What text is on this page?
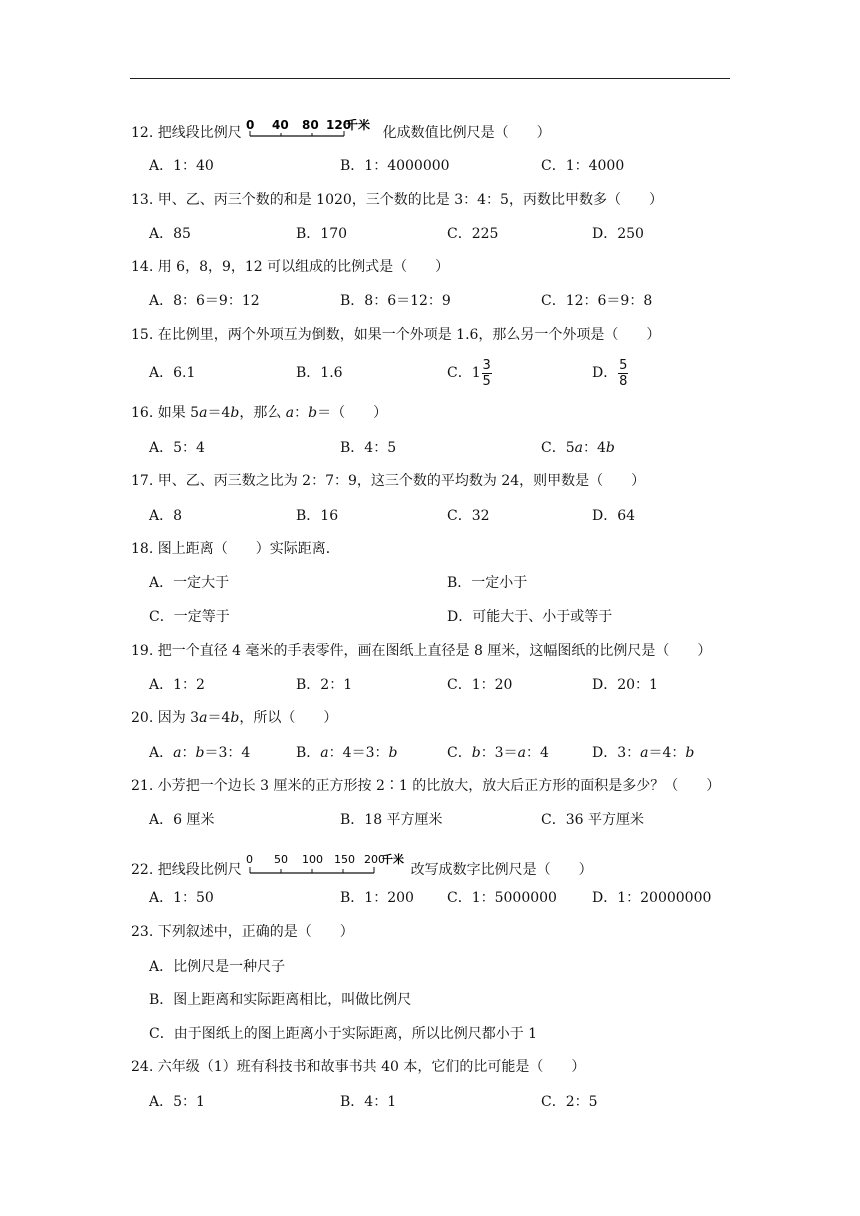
12. 把线段比例尺 0 40 80 120
千米 化成数值比例尺是（　　）
A．1：40	B．1：4000000	C．1：4000
13. 甲、乙、丙三个数的和是 1020，三个数的比是 3：4：5，丙数比甲数多（　　）
A．85	B．170	C．225	D．250
14. 用 6，8，9，12 可以组成的比例式是（　　）
A．8：6＝9：12	B．8：6＝12：9	C．12：6＝9：8
15. 在比例里，两个外项互为倒数，如果一个外项是 1.6，那么另一个外项是（　　）
A．6.1	B．1.6	C．$1 \frac{3}{5}$	D． $\frac{5}{8}$
16. 如果 5a＝4b，那么 a：b＝（　　）
A．5：4	B．4：5	C．5a：4b
17. 甲、乙、丙三数之比为 2：7：9，这三个数的平均数为 24，则甲数是（　　）
A．8	B．16	C．32	D．64
18. 图上距离（　　）实际距离．
A．一定大于	B．一定小于
C．一定等于	D．可能大于、小于或等于
19. 把一个直径 4 毫米的手表零件，画在图纸上直径是 8 厘米，这幅图纸的比例尺是（　　）
A．1：2	B．2：1	C．1：20	D．20：1
20. 因为 3a＝4b，所以（　　）
A．a：b＝3：4	B．a：4＝3：b	C．b：3＝a：4	D．3：a＝4：b
21. 小芳把一个边长 3 厘米的正方形按 2∶1 的比放大，放大后正方形的面积是多少？（　　）
A．6 厘米	B．18 平方厘米	C．36 平方厘米
22. 把线段比例尺
0 50 100 150 200
千米
改写成数字比例尺是（　　）
A．1：50	B．1：200 C．1：5000000	D．1：20000000
23. 下列叙述中，正确的是（　　）
A．比例尺是一种尺子
B．图上距离和实际距离相比，叫做比例尺
C．由于图纸上的图上距离小于实际距离，所以比例尺都小于 1
24. 六年级（1）班有科技书和故事书共 40 本，它们的比可能是（　　）
A．5：1	B．4：1	C．2：5
